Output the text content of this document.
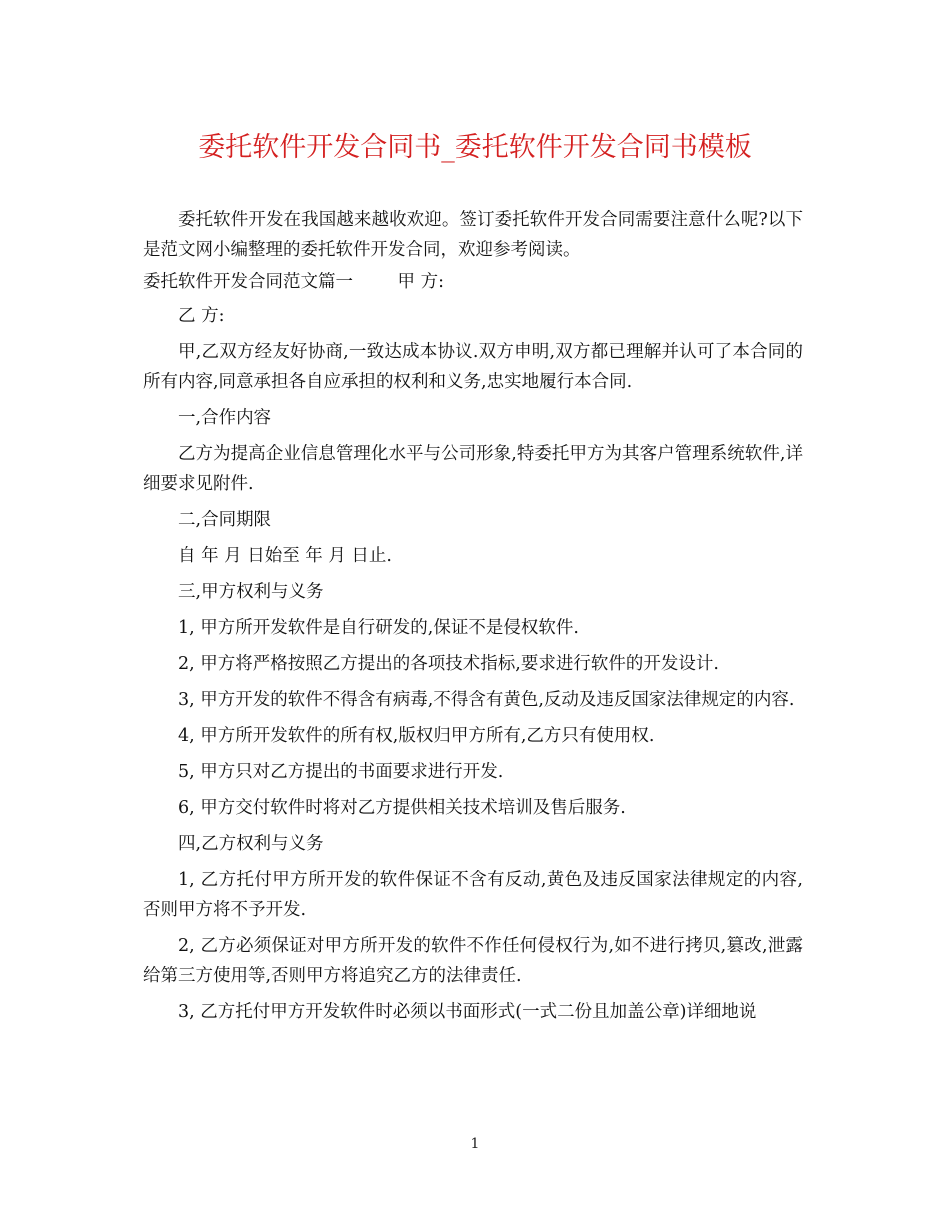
委托软件开发合同书_委托软件开发合同书模板

委托软件开发在我国越来越收欢迎。签订委托软件开发合同需要注意什么呢?以下是范文网小编整理的委托软件开发合同，欢迎参考阅读。

委托软件开发合同范文篇一	甲 方:

乙 方:

甲,乙双方经友好协商,一致达成本协议.双方申明,双方都已理解并认可了本合同的所有内容,同意承担各自应承担的权利和义务,忠实地履行本合同.

一,合作内容

乙方为提高企业信息管理化水平与公司形象,特委托甲方为其客户管理系统软件,详细要求见附件.

二,合同期限

自 年 月 日始至 年 月 日止.

三,甲方权利与义务

1, 甲方所开发软件是自行研发的,保证不是侵权软件.

2, 甲方将严格按照乙方提出的各项技术指标,要求进行软件的开发设计.

3, 甲方开发的软件不得含有病毒,不得含有黄色,反动及违反国家法律规定的内容.

4, 甲方所开发软件的所有权,版权归甲方所有,乙方只有使用权.

5, 甲方只对乙方提出的书面要求进行开发.

6, 甲方交付软件时将对乙方提供相关技术培训及售后服务.

四,乙方权利与义务

1, 乙方托付甲方所开发的软件保证不含有反动,黄色及违反国家法律规定的内容,否则甲方将不予开发.

2, 乙方必须保证对甲方所开发的软件不作任何侵权行为,如不进行拷贝,篡改,泄露给第三方使用等,否则甲方将追究乙方的法律责任.

3, 乙方托付甲方开发软件时必须以书面形式(一式二份且加盖公章)详细地说

1
